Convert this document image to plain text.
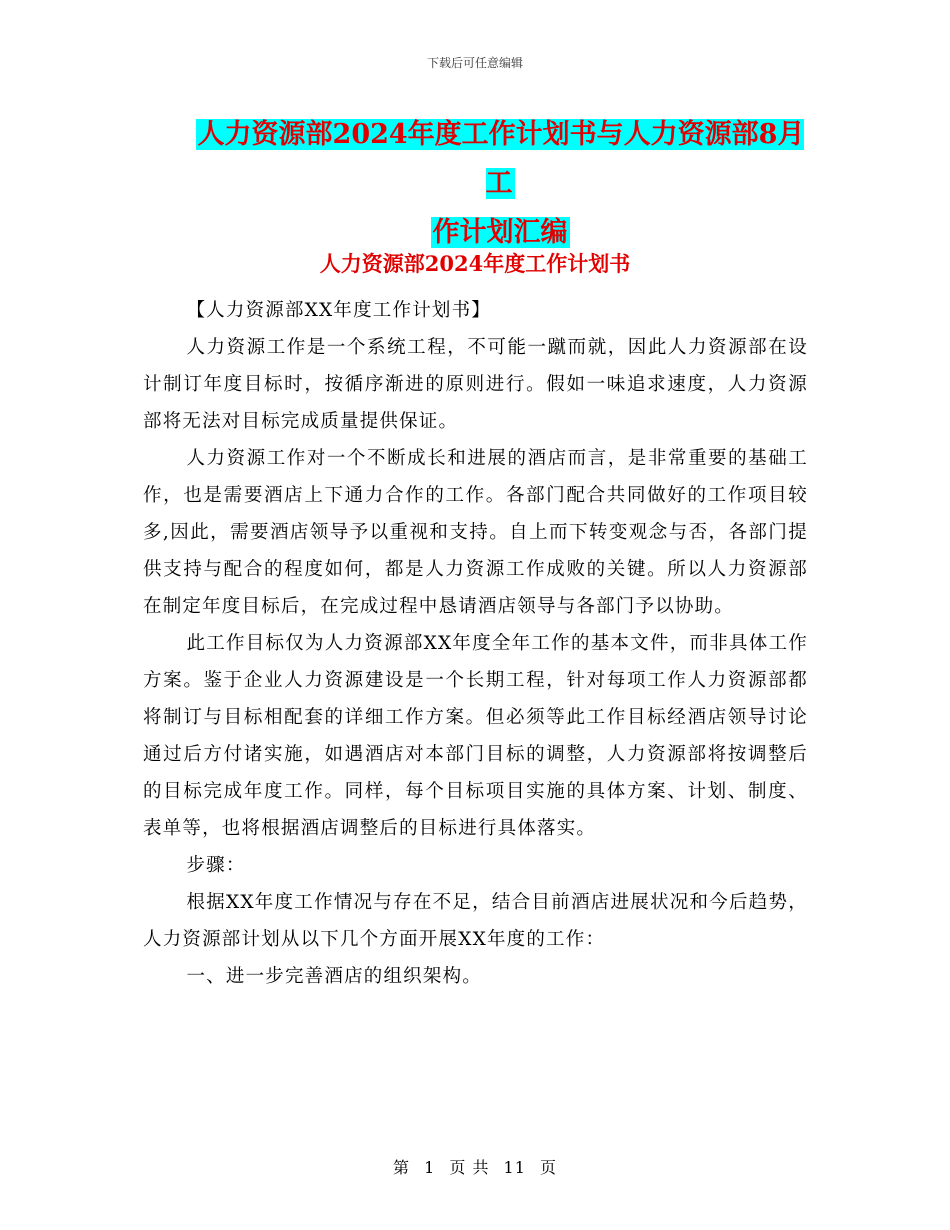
下载后可任意编辑
人力资源部2024年度工作计划书与人力资源部8月工
作计划汇编
人力资源部2024年度工作计划书

【人力资源部XX年度工作计划书】

人力资源工作是一个系统工程，不可能一蹴而就，因此人力资源部在设计制订年度目标时，按循序渐进的原则进行。假如一味追求速度，人力资源部将无法对目标完成质量提供保证。

人力资源工作对一个不断成长和进展的酒店而言，是非常重要的基础工作，也是需要酒店上下通力合作的工作。各部门配合共同做好的工作项目较多,因此，需要酒店领导予以重视和支持。自上而下转变观念与否，各部门提供支持与配合的程度如何，都是人力资源工作成败的关键。所以人力资源部在制定年度目标后，在完成过程中恳请酒店领导与各部门予以协助。

此工作目标仅为人力资源部XX年度全年工作的基本文件，而非具体工作方案。鉴于企业人力资源建设是一个长期工程，针对每项工作人力资源部都将制订与目标相配套的详细工作方案。但必须等此工作目标经酒店领导讨论通过后方付诸实施，如遇酒店对本部门目标的调整，人力资源部将按调整后的目标完成年度工作。同样，每个目标项目实施的具体方案、计划、制度、表单等，也将根据酒店调整后的目标进行具体落实。

步骤：

根据XX年度工作情况与存在不足，结合目前酒店进展状况和今后趋势，人力资源部计划从以下几个方面开展XX年度的工作：

一、进一步完善酒店的组织架构。

第 1 页 共 11 页
